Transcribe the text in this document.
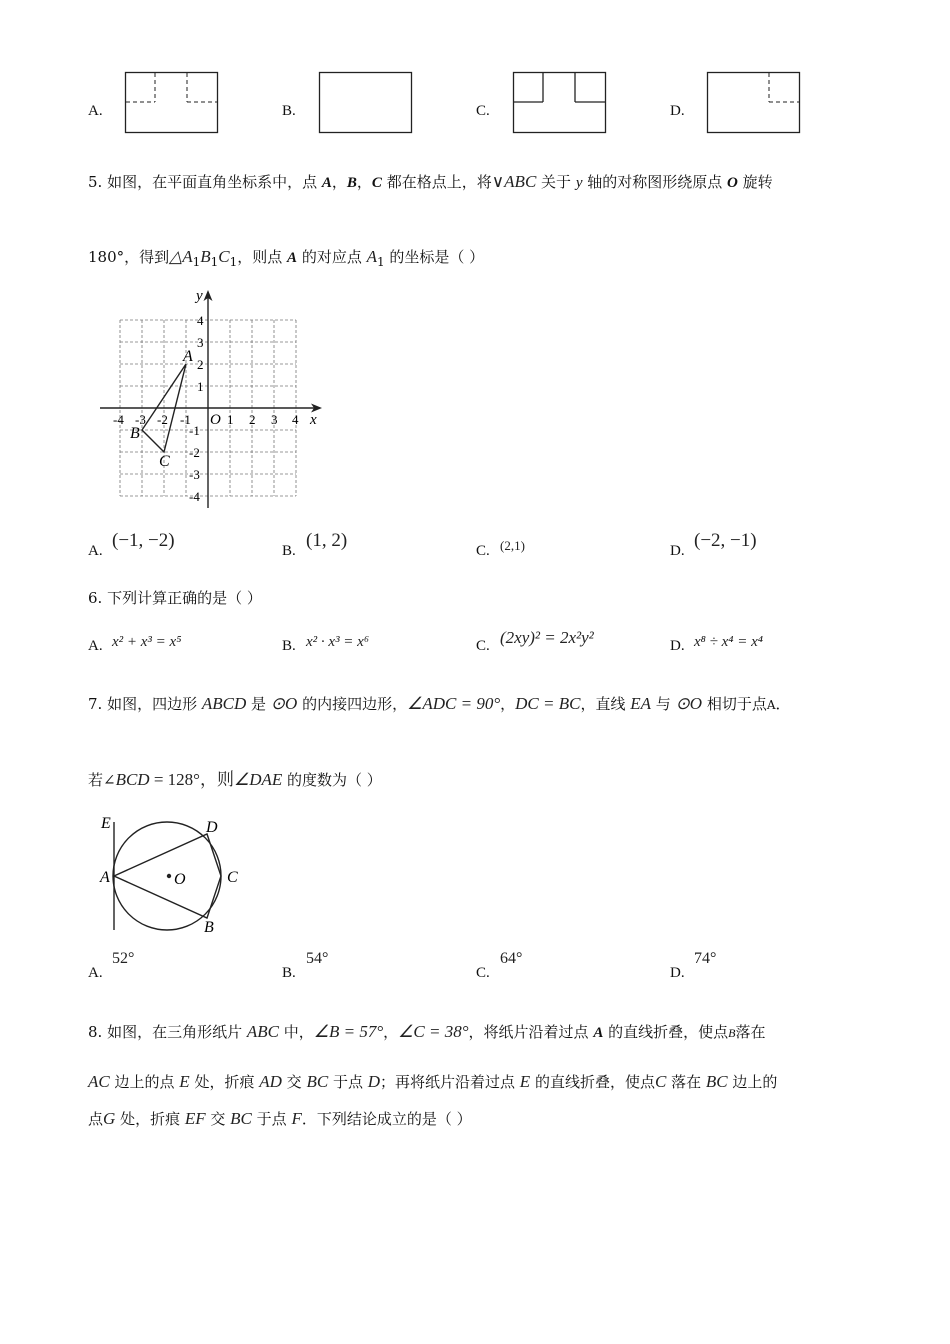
A.	B.	C.	D.
5. 如图，在平面直角坐标系中，点 A，B，C 都在格点上，将∨ABC 关于 y 轴的对称图形绕原点 O 旋转
180°，得到$\triangle A_1B_1C_1$，则点 A 的对应点 $A_1$ 的坐标是（ ）
y
x
O
-4 -3 -2 -1	1 2 3 4
4
3
2
1
-1
-2
-3
-4
A
B
C
A. (−1, −2)	B. (1, 2)	C. (2,1)	D. (−2, −1)
6. 下列计算正确的是（ ）
A. x² + x³ = x⁵	B. x² · x³ = x⁶	C. (2xy)² = 2x²y²	D. x⁸ ÷ x⁴ = x⁴
7. 如图，四边形 ABCD 是 ⊙O 的内接四边形，∠ADC = 90°，DC = BC，直线 EA 与 ⊙O 相切于点A．
若∠BCD = 128°，则∠DAE 的度数为（ ）
E	D
A	O	C
B
A.
52°
B.
54°
C.
64°
D.
74°
8. 如图，在三角形纸片 ABC 中，∠B = 57°，∠C = 38°，将纸片沿着过点 A 的直线折叠，使点B落在
AC 边上的点 E 处，折痕 AD 交 BC 于点 D；再将纸片沿着过点 E 的直线折叠，使点C 落在 BC 边上的
点G 处，折痕 EF 交 BC 于点 F．下列结论成立的是（ ）
